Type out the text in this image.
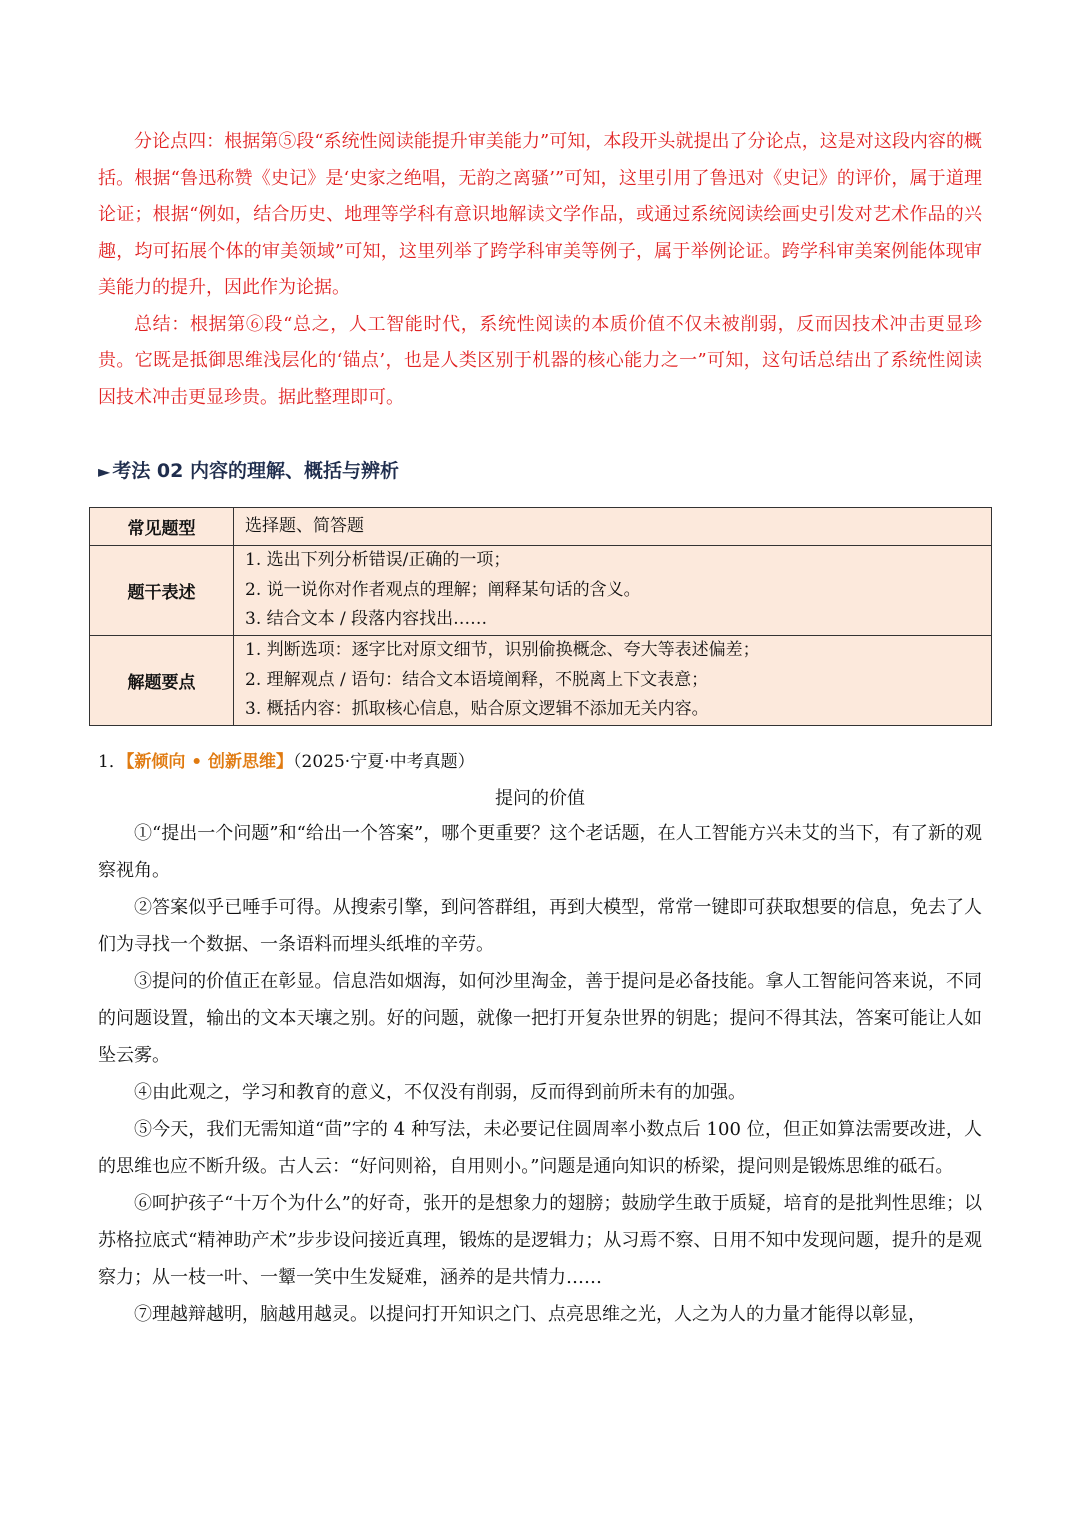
分论点四：根据第⑤段“系统性阅读能提升审美能力”可知，本段开头就提出了分论点，这是对这段内容的概括。根据“鲁迅称赞《史记》是‘史家之绝唱，无韵之离骚’”可知，这里引用了鲁迅对《史记》的评价，属于道理论证；根据“例如，结合历史、地理等学科有意识地解读文学作品，或通过系统阅读绘画史引发对艺术作品的兴趣，均可拓展个体的审美领域”可知，这里列举了跨学科审美等例子，属于举例论证。跨学科审美案例能体现审美能力的提升，因此作为论据。

总结：根据第⑥段“总之，人工智能时代，系统性阅读的本质价值不仅未被削弱，反而因技术冲击更显珍贵。它既是抵御思维浅层化的‘锚点’，也是人类区别于机器的核心能力之一”可知，这句话总结出了系统性阅读因技术冲击更显珍贵。据此整理即可。

► 考法 02 内容的理解、概括与辨析
常见题型	选择题、简答题

题干表述	1. 选出下列分析错误/正确的一项；
2. 说一说你对作者观点的理解；阐释某句话的含义。
3. 结合文本 / 段落内容找出……

解题要点	1. 判断选项：逐字比对原文细节，识别偷换概念、夸大等表述偏差；
2. 理解观点 / 语句：结合文本语境阐释，不脱离上下文表意；
3. 概括内容：抓取核心信息，贴合原文逻辑不添加无关内容。
1．【新倾向 • 创新思维】（2025·宁夏·中考真题）
提问的价值

①“提出一个问题”和“给出一个答案”，哪个更重要？这个老话题，在人工智能方兴未艾的当下，有了新的观察视角。

②答案似乎已唾手可得。从搜索引擎，到问答群组，再到大模型，常常一键即可获取想要的信息，免去了人们为寻找一个数据、一条语料而埋头纸堆的辛劳。

③提问的价值正在彰显。信息浩如烟海，如何沙里淘金，善于提问是必备技能。拿人工智能问答来说，不同的问题设置，输出的文本天壤之别。好的问题，就像一把打开复杂世界的钥匙；提问不得其法，答案可能让人如坠云雾。

④由此观之，学习和教育的意义，不仅没有削弱，反而得到前所未有的加强。

⑤今天，我们无需知道“茴”字的 4 种写法，未必要记住圆周率小数点后 100 位，但正如算法需要改进，人的思维也应不断升级。古人云：“好问则裕，自用则小。”问题是通向知识的桥梁，提问则是锻炼思维的砥石。

⑥呵护孩子“十万个为什么”的好奇，张开的是想象力的翅膀；鼓励学生敢于质疑，培育的是批判性思维；以苏格拉底式“精神助产术”步步设问接近真理，锻炼的是逻辑力；从习焉不察、日用不知中发现问题，提升的是观察力；从一枝一叶、一颦一笑中生发疑难，涵养的是共情力……

⑦理越辩越明，脑越用越灵。以提问打开知识之门、点亮思维之光，人之为人的力量才能得以彰显，
